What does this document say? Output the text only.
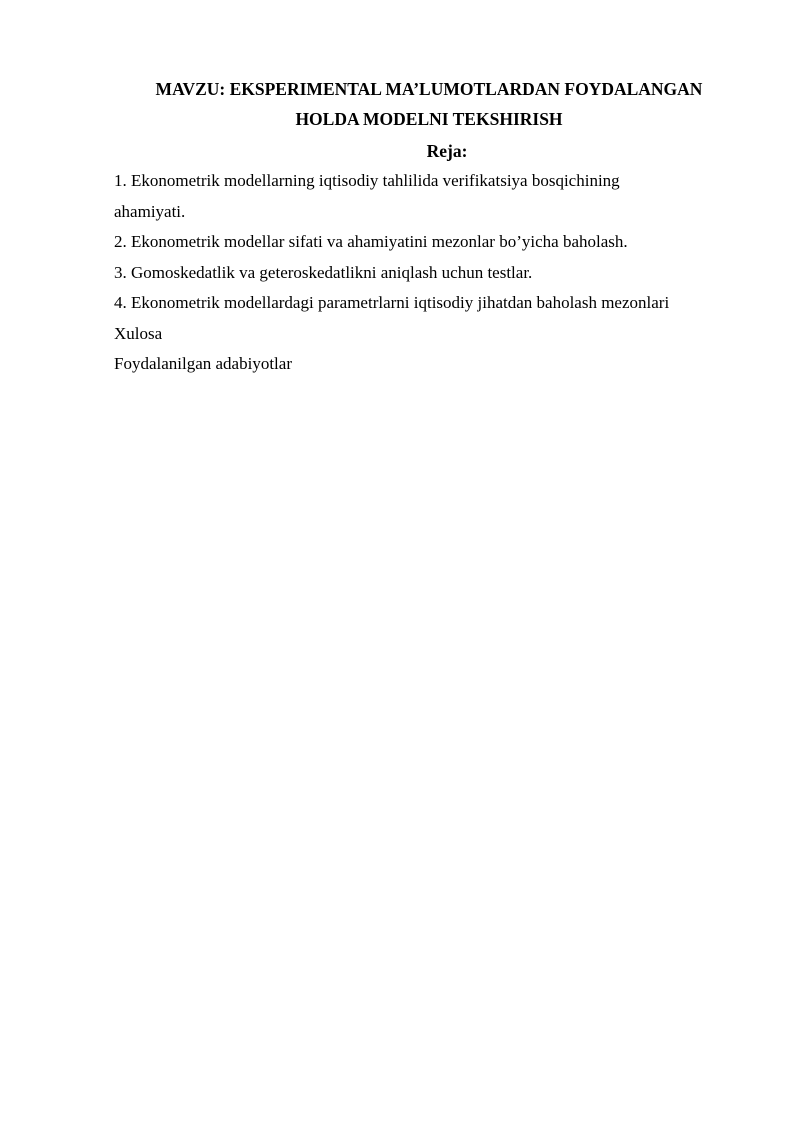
MAVZU: EKSPERIMENTAL MA’LUMOTLARDAN FOYDALANGAN

HOLDA MODELNI TEKSHIRISH

Reja:

1. Ekonometrik modellarning iqtisodiy tahlilida verifikatsiya bosqichining
ahamiyati.
2. Ekonometrik modellar sifati va ahamiyatini mezonlar bo’yicha baholash.
3. Gomoskedatlik va geteroskedatlikni aniqlash uchun testlar.
4. Ekonometrik modellardagi parametrlarni iqtisodiy jihatdan baholash mezonlari
Xulosa
Foydalanilgan adabiyotlar
